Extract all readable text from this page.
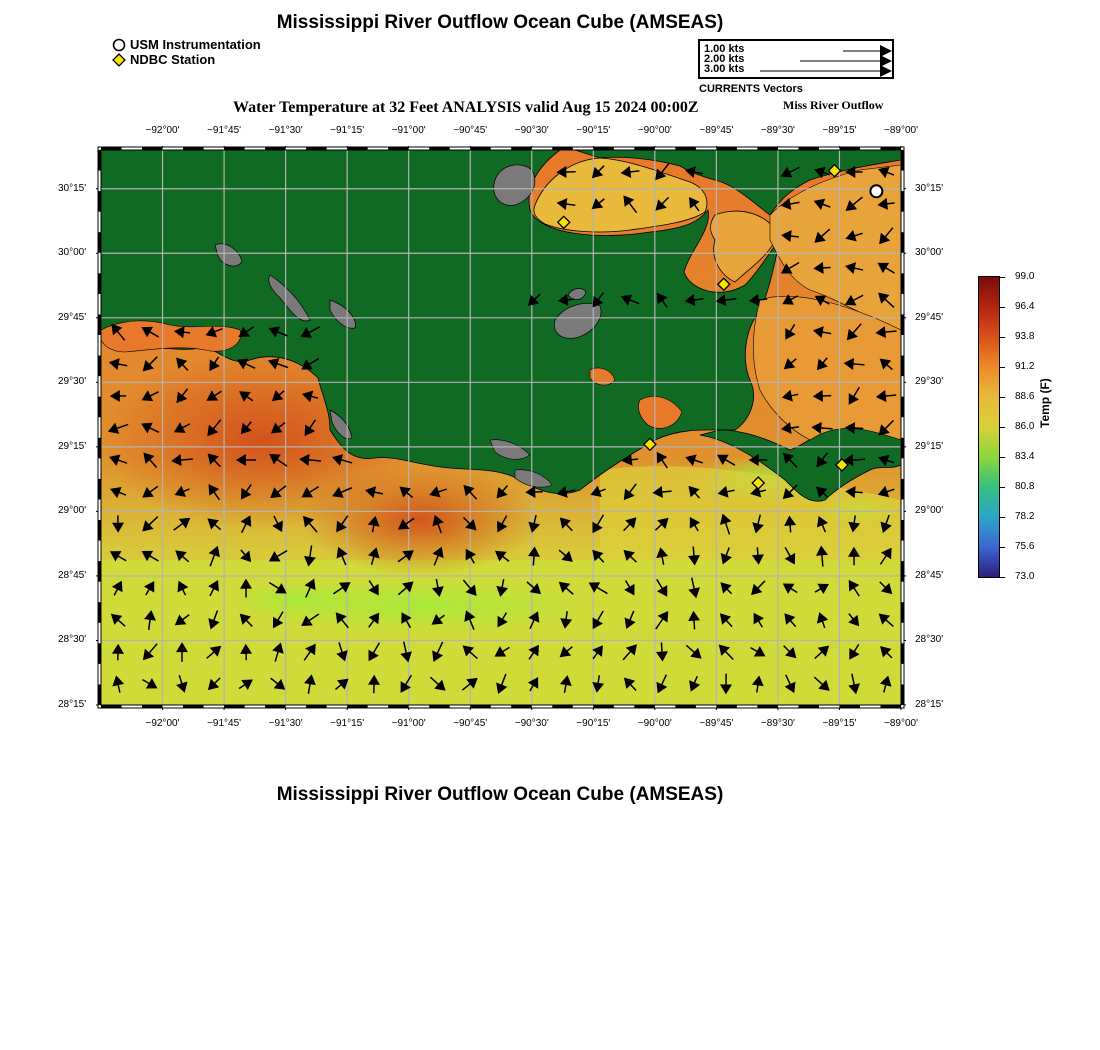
Mississippi River Outflow Ocean Cube (AMSEAS)
USM Instrumentation
NDBC Station
1.00 kts
2.00 kts
3.00 kts
CURRENTS Vectors
Water Temperature at 32 Feet ANALYSIS valid Aug 15 2024 00:00Z	Miss River Outflow
Temp (F)
Mississippi River Outflow Ocean Cube (AMSEAS)
−92°00'
−92°00'
−91°45'
−91°45'
−91°30'
−91°30'
−91°15'
−91°15'
−91°00'
−91°00'
−90°45'
−90°45'
−90°30'
−90°30'
−90°15'
−90°15'
−90°00'
−90°00'
−89°45'
−89°45'
−89°30'
−89°30'
−89°15'
−89°15'
−89°00'
−89°00'
30°15'	30°15'
30°00'	30°00'
29°45'	29°45'
29°30'	29°30'
29°15'	29°15'
29°00'	29°00'
28°45'	28°45'
28°30'	28°30'
28°15'	28°15'
99.0
96.4
93.8
91.2
88.6
86.0
83.4
80.8
78.2
75.6
73.0
